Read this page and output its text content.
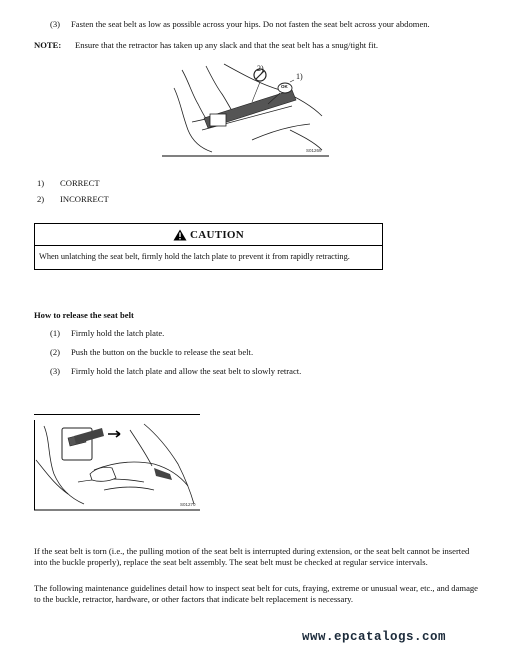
(3) Fasten the seat belt as low as possible across your hips. Do not fasten the seat belt across your abdomen.
NOTE: Ensure that the retractor has taken up any slack and that the seat belt has a snug/tight fit.
2)
1)
OK
S01269
1) CORRECT
2) INCORRECT
CAUTION
When unlatching the seat belt, firmly hold the latch plate to prevent it from rapidly retracting.
How to release the seat belt
(1) Firmly hold the latch plate.
(2) Push the button on the buckle to release the seat belt.
(3) Firmly hold the latch plate and allow the seat belt to slowly retract.
S01270
If the seat belt is torn (i.e., the pulling motion of the seat belt is interrupted during extension, or the seat belt cannot be inserted into the buckle properly), replace the seat belt assembly. The seat belt must be checked at regular service intervals.
The following maintenance guidelines detail how to inspect seat belt for cuts, fraying, extreme or unusual wear, etc., and damage to the buckle, retractor, hardware, or other factors that indicate belt replacement is necessary.
www.epcatalogs.com
